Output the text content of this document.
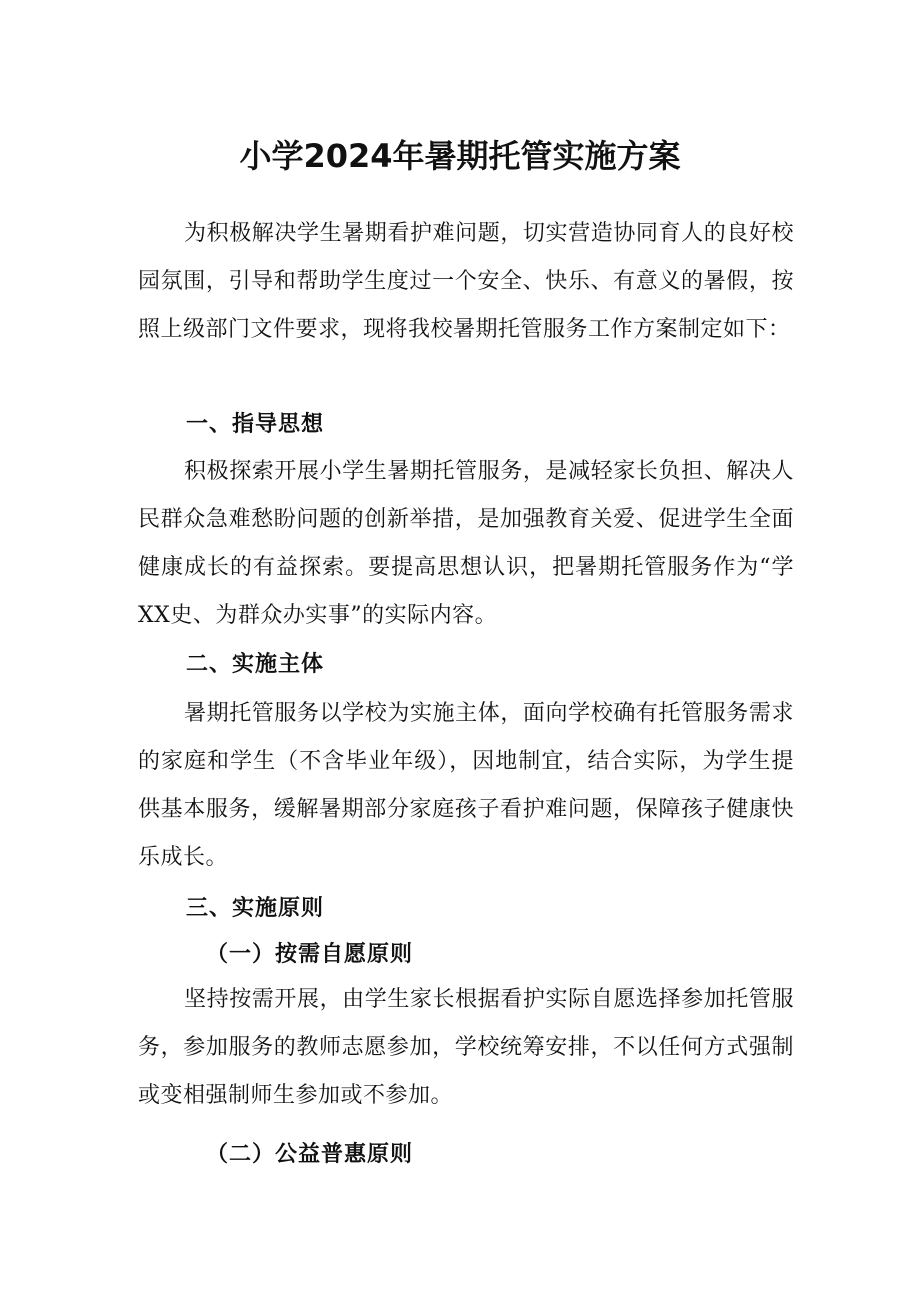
小学2024年暑期托管实施方案

为积极解决学生暑期看护难问题，切实营造协同育人的良好校园氛围，引导和帮助学生度过一个安全、快乐、有意义的暑假，按照上级部门文件要求，现将我校暑期托管服务工作方案制定如下：

一、指导思想

积极探索开展小学生暑期托管服务，是减轻家长负担、解决人民群众急难愁盼问题的创新举措，是加强教育关爱、促进学生全面健康成长的有益探索。要提高思想认识，把暑期托管服务作为“学XX史、为群众办实事”的实际内容。

二、实施主体

暑期托管服务以学校为实施主体，面向学校确有托管服务需求的家庭和学生（不含毕业年级），因地制宜，结合实际，为学生提供基本服务，缓解暑期部分家庭孩子看护难问题，保障孩子健康快乐成长。

三、实施原则
（一）按需自愿原则

坚持按需开展，由学生家长根据看护实际自愿选择参加托管服务，参加服务的教师志愿参加，学校统筹安排，不以任何方式强制或变相强制师生参加或不参加。

（二）公益普惠原则
